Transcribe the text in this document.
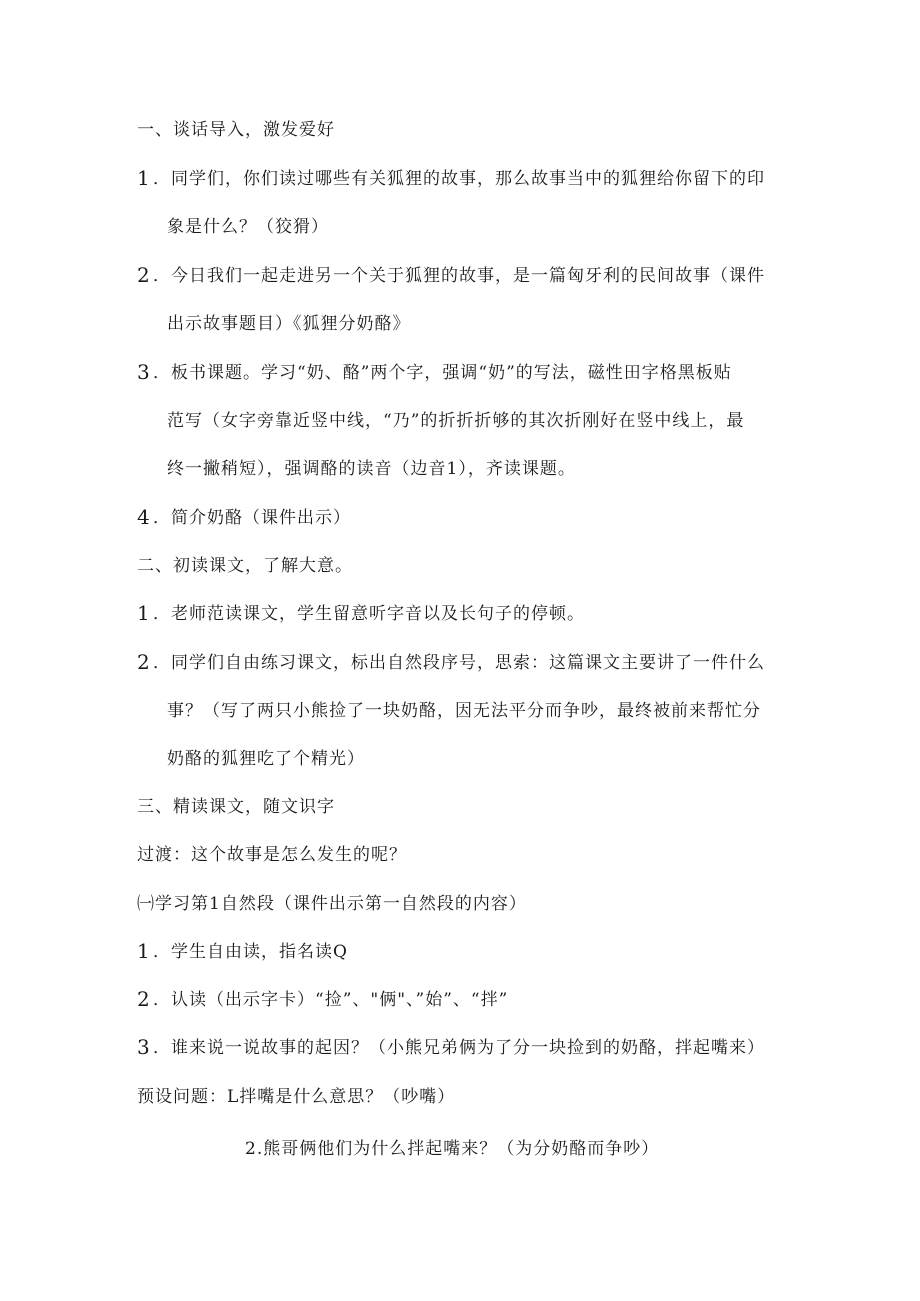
一、谈话导入，激发爱好
1 ．同学们，你们读过哪些有关狐狸的故事，那么故事当中的狐狸给你留下的印
象是什么？（狡猾）
2 ．今日我们一起走进另一个关于狐狸的故事，是一篇匈牙利的民间故事（课件
出示故事题目）《狐狸分奶酪》
3 ．板书课题。学习“奶、酪”两个字，强调“奶”的写法，磁性田字格黑板贴
范写（女字旁靠近竖中线，“乃”的折折折够的其次折刚好在竖中线上，最
终一撇稍短），强调酪的读音（边音1），齐读课题。
4 ．简介奶酪（课件出示）
二、初读课文，了解大意。
1 ．老师范读课文，学生留意听字音以及长句子的停顿。
2 ．同学们自由练习课文，标出自然段序号，思索：这篇课文主要讲了一件什么
事？（写了两只小熊捡了一块奶酪，因无法平分而争吵，最终被前来帮忙分
奶酪的狐狸吃了个精光）
三、精读课文，随文识字
过渡：这个故事是怎么发生的呢？
㈠学习第1自然段（课件出示第一自然段的内容）
1 ．学生自由读，指名读Q
2 ．认读（出示字卡）“捡”、"俩"、”始”、“拌”
3 ．谁来说一说故事的起因？（小熊兄弟俩为了分一块捡到的奶酪，拌起嘴来）
预设问题：L拌嘴是什么意思？（吵嘴）
2.熊哥俩他们为什么拌起嘴来？（为分奶酪而争吵）
